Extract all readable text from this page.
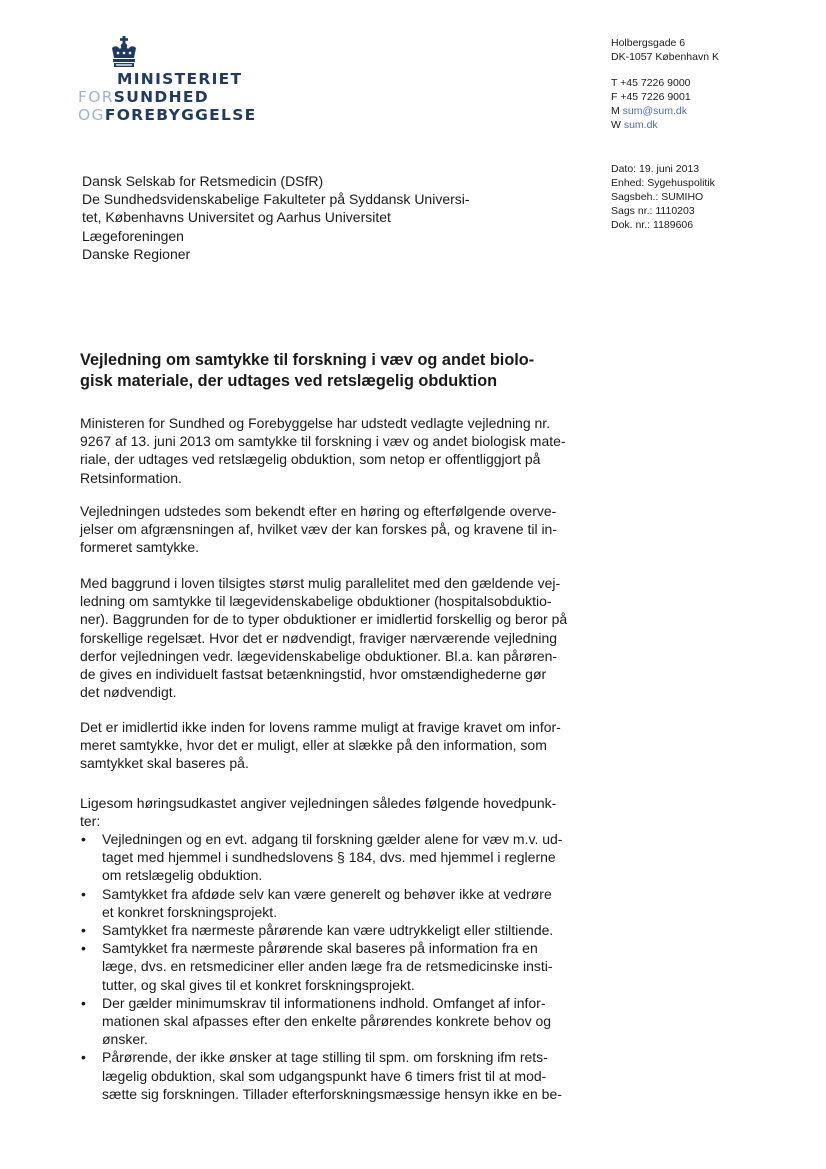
MINISTERIET
FORSUNDHED
OGFOREBYGGELSE
Holbergsgade 6
DK-1057 København K
T +45 7226 9000
F +45 7226 9001
M sum@sum.dk
W sum.dk
Dato: 19. juni 2013
Enhed: Sygehuspolitik
Sagsbeh.: SUMIHO
Sags nr.: 1110203
Dok. nr.: 1189606
Dansk Selskab for Retsmedicin (DSfR)
De Sundhedsvidenskabelige Fakulteter på Syddansk Universi-
tet, Københavns Universitet og Aarhus Universitet
Lægeforeningen
Danske Regioner
Vejledning om samtykke til forskning i væv og andet biolo-
gisk materiale, der udtages ved retslægelig obduktion
Ministeren for Sundhed og Forebyggelse har udstedt vedlagte vejledning nr.
9267 af 13. juni 2013 om samtykke til forskning i væv og andet biologisk mate-
riale, der udtages ved retslægelig obduktion, som netop er offentliggjort på
Retsinformation.
Vejledningen udstedes som bekendt efter en høring og efterfølgende overve-
jelser om afgrænsningen af, hvilket væv der kan forskes på, og kravene til in-
formeret samtykke.
Med baggrund i loven tilsigtes størst mulig parallelitet med den gældende vej-
ledning om samtykke til lægevidenskabelige obduktioner (hospitalsobduktio-
ner). Baggrunden for de to typer obduktioner er imidlertid forskellig og beror på
forskellige regelsæt. Hvor det er nødvendigt, fraviger nærværende vejledning
derfor vejledningen vedr. lægevidenskabelige obduktioner. Bl.a. kan pårøren-
de gives en individuelt fastsat betænkningstid, hvor omstændighederne gør
det nødvendigt.
Det er imidlertid ikke inden for lovens ramme muligt at fravige kravet om infor-
meret samtykke, hvor det er muligt, eller at slække på den information, som
samtykket skal baseres på.
Ligesom høringsudkastet angiver vejledningen således følgende hovedpunk-
ter:
• Vejledningen og en evt. adgang til forskning gælder alene for væv m.v. ud-
taget med hjemmel i sundhedslovens § 184, dvs. med hjemmel i reglerne
om retslægelig obduktion.
• Samtykket fra afdøde selv kan være generelt og behøver ikke at vedrøre
et konkret forskningsprojekt.
• Samtykket fra nærmeste pårørende kan være udtrykkeligt eller stiltiende.
• Samtykket fra nærmeste pårørende skal baseres på information fra en
læge, dvs. en retsmediciner eller anden læge fra de retsmedicinske insti-
tutter, og skal gives til et konkret forskningsprojekt.
• Der gælder minimumskrav til informationens indhold. Omfanget af infor-
mationen skal afpasses efter den enkelte pårørendes konkrete behov og
ønsker.
• Pårørende, der ikke ønsker at tage stilling til spm. om forskning ifm rets-
lægelig obduktion, skal som udgangspunkt have 6 timers frist til at mod-
sætte sig forskningen. Tillader efterforskningsmæssige hensyn ikke en be-
